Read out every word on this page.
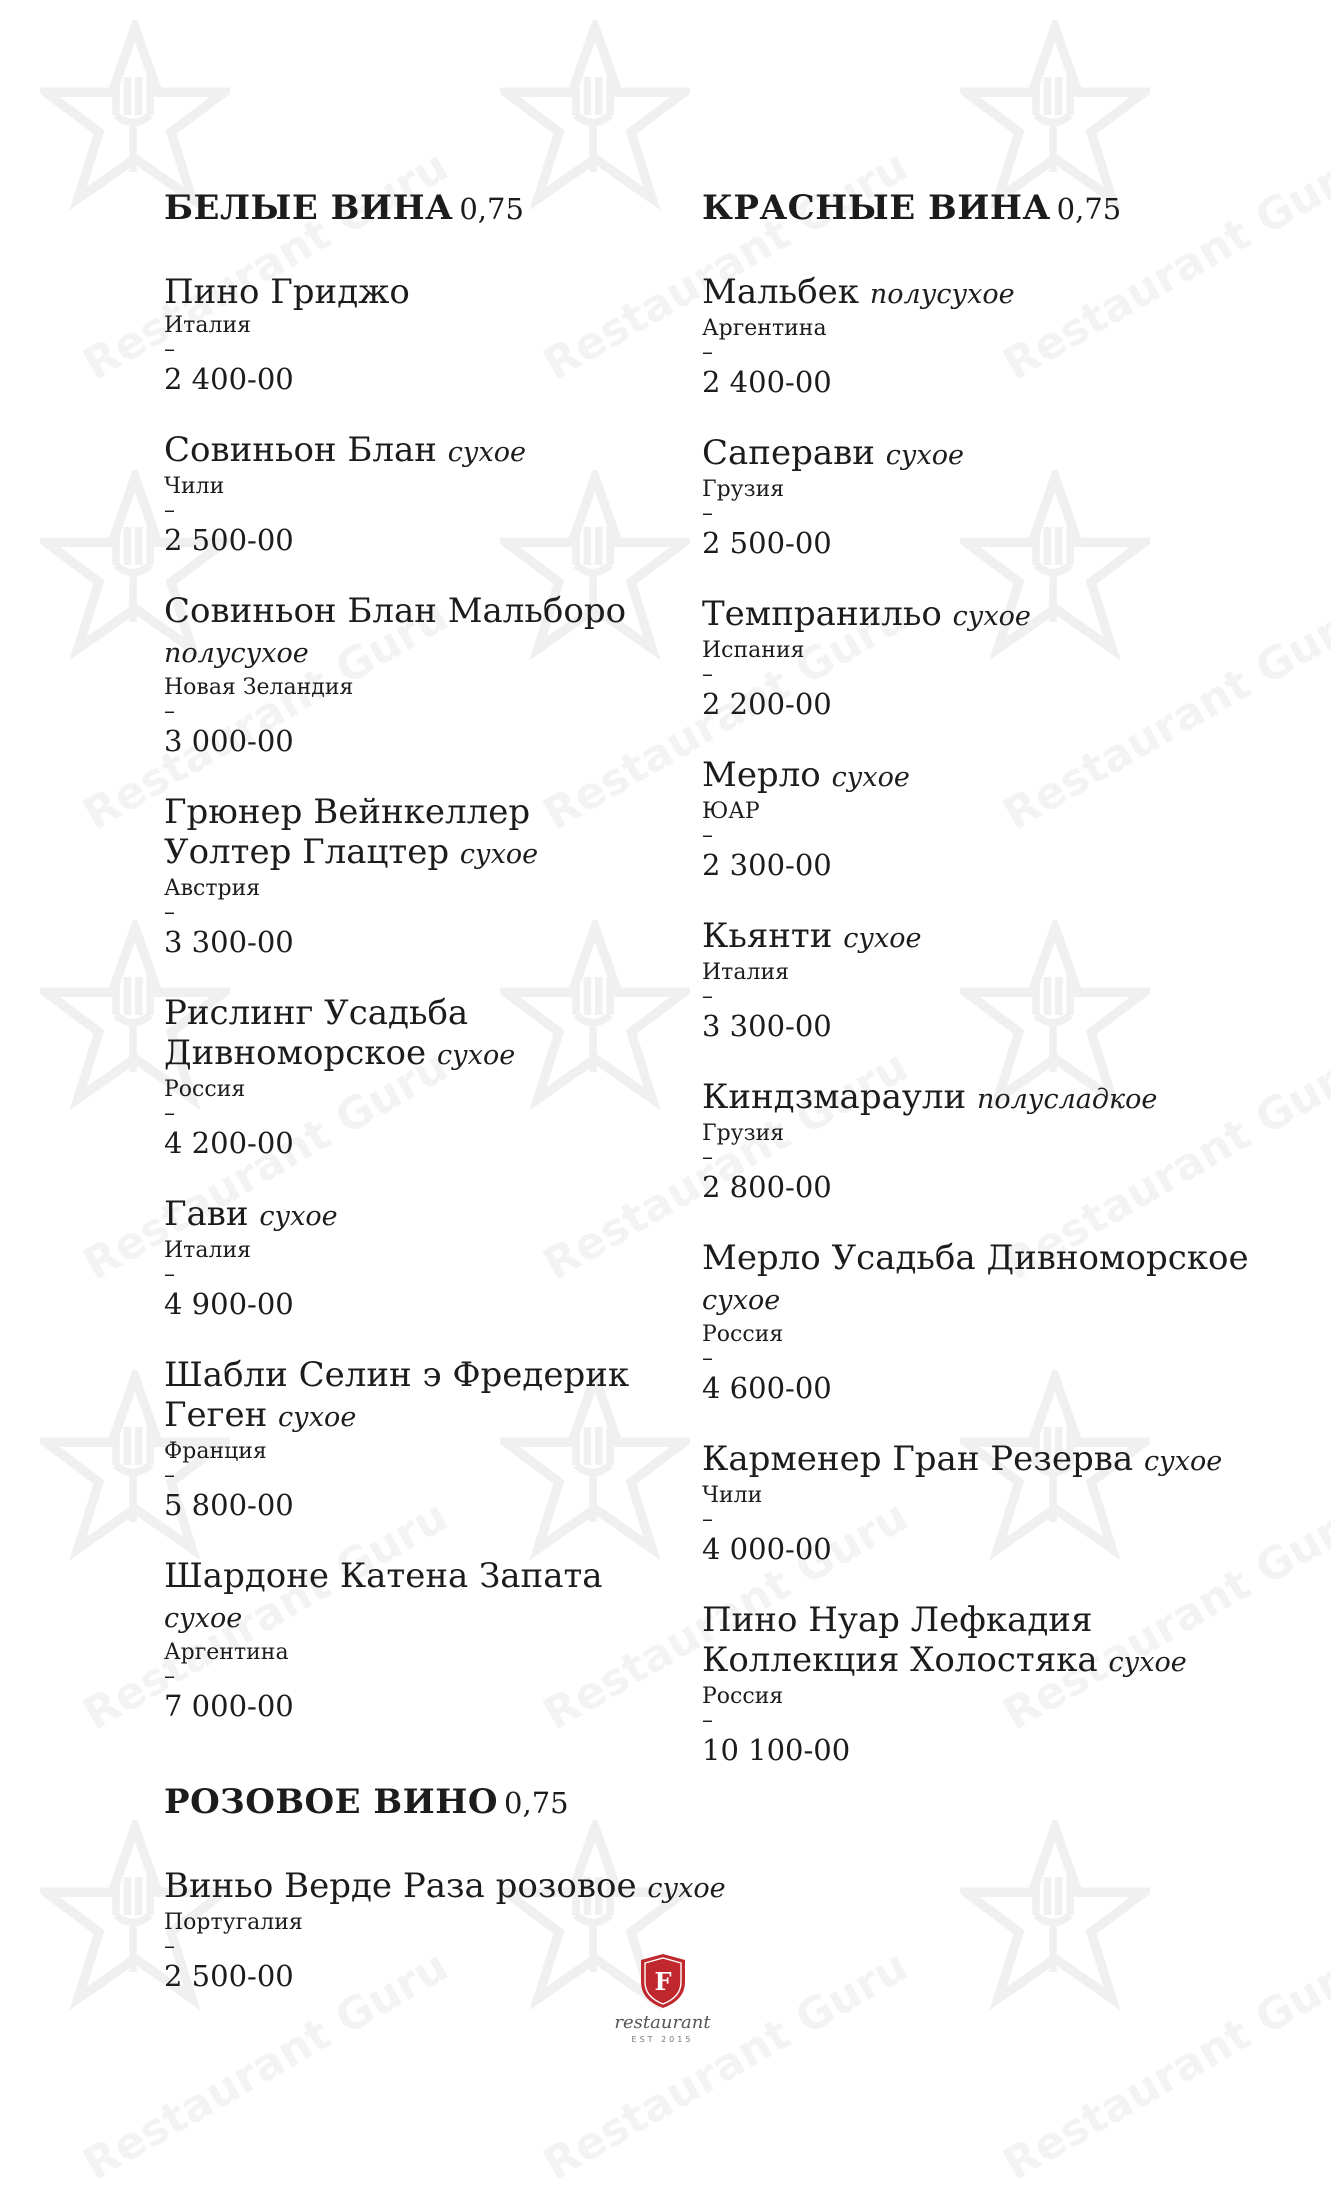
БЕЛЫЕ ВИНА 0,75
Пино Гриджо
Италия
–
2 400-00
Совиньон Блан сухое
Чили
–
2 500-00
Совиньон Блан Мальборо полусухое
Новая Зеландия
–
3 000-00
Грюнер Вейнкеллер Уолтер Глацтер сухое
Австрия
–
3 300-00
Рислинг Усадьба Дивноморское сухое
Россия
–
4 200-00
Гави сухое
Италия
–
4 900-00
Шабли Селин э Фредерик Геген сухое
Франция
–
5 800-00
Шардоне Катена Запата сухое
Аргентина
–
7 000-00
КРАСНЫЕ ВИНА 0,75
Мальбек полусухое
Аргентина
–
2 400-00
Саперави сухое
Грузия
–
2 500-00
Темпранильо сухое
Испания
–
2 200-00
Мерло сухое
ЮАР
–
2 300-00
Кьянти сухое
Италия
–
3 300-00
Киндзмараули полусладкое
Грузия
–
2 800-00
Мерло Усадьба Дивноморское сухое
Россия
–
4 600-00
Карменер Гран Резерва сухое
Чили
–
4 000-00
Пино Нуар Лефкадия Коллекция Холостяка сухое
Россия
–
10 100-00
РОЗОВОЕ ВИНО 0,75
Виньо Верде Раза розовое сухое
Португалия
–
2 500-00	F
restaurant
EST 2015
